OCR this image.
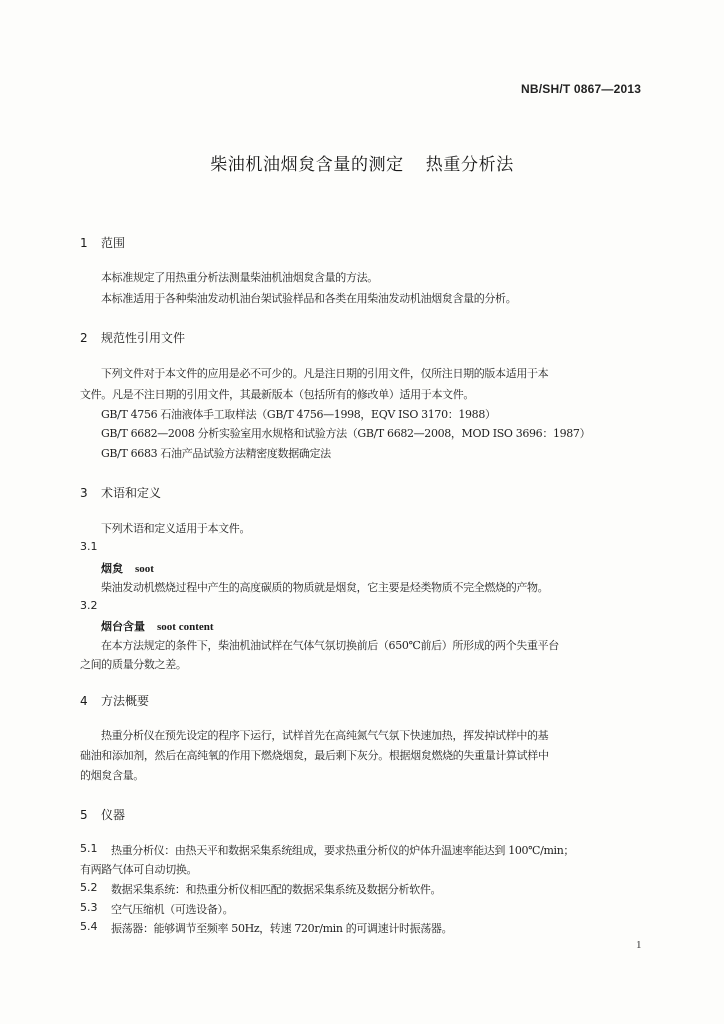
NB/SH/T 0867—2013
柴油机油烟炱含量的测定 热重分析法
1 范围
本标准规定了用热重分析法测量柴油机油烟炱含量的方法。
本标准适用于各种柴油发动机油台架试验样品和各类在用柴油发动机油烟炱含量的分析。
2 规范性引用文件
下列文件对于本文件的应用是必不可少的。凡是注日期的引用文件，仅所注日期的版本适用于本
文件。凡是不注日期的引用文件，其最新版本（包括所有的修改单）适用于本文件。
GB/T 4756 石油液体手工取样法（GB/T 4756—1998，EQV ISO 3170：1988）
GB/T 6682—2008 分析实验室用水规格和试验方法（GB/T 6682—2008，MOD ISO 3696：1987）
GB/T 6683 石油产品试验方法精密度数据确定法
3 术语和定义
下列术语和定义适用于本文件。
3.1
烟炱 soot
柴油发动机燃烧过程中产生的高度碳质的物质就是烟炱，它主要是烃类物质不完全燃烧的产物。
3.2
烟台含量 soot content
在本方法规定的条件下，柴油机油试样在气体气氛切换前后（650℃前后）所形成的两个失重平台
之间的质量分数之差。
4 方法概要
热重分析仪在预先设定的程序下运行，试样首先在高纯氮气气氛下快速加热，挥发掉试样中的基
础油和添加剂，然后在高纯氧的作用下燃烧烟炱，最后剩下灰分。根据烟炱燃烧的失重量计算试样中
的烟炱含量。
5 仪器
5.1 热重分析仪：由热天平和数据采集系统组成，要求热重分析仪的炉体升温速率能达到 100℃/min；
有两路气体可自动切换。
5.2 数据采集系统：和热重分析仪相匹配的数据采集系统及数据分析软件。
5.3 空气压缩机（可选设备）。
5.4 振荡器：能够调节至频率 50Hz，转速 720r/min 的可调速计时振荡器。
1
